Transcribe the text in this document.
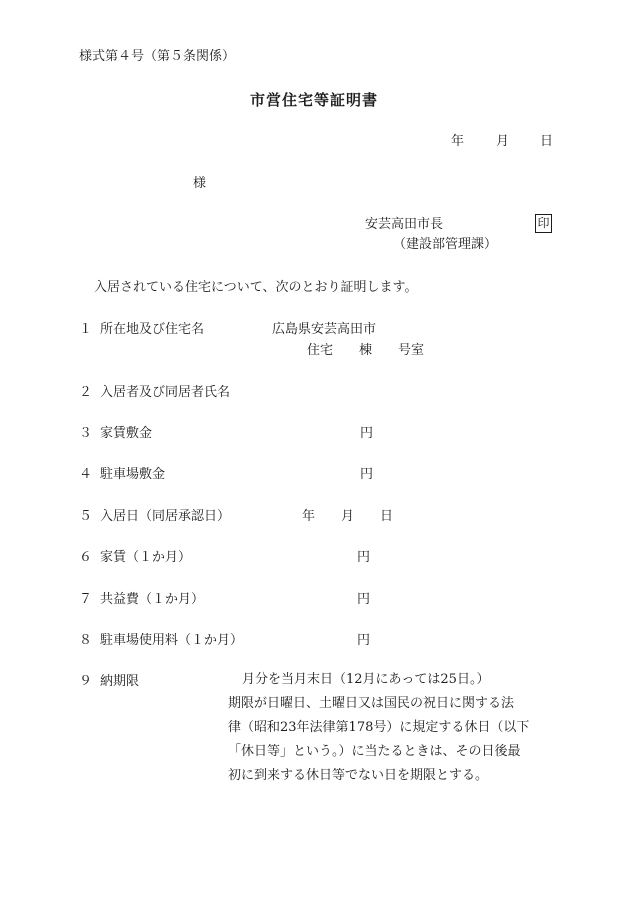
様式第４号（第５条関係）
市営住宅等証明書
年 月 日
様
安芸高田市長	印
（建設部管理課）
入居されている住宅について、次のとおり証明します。
１ 所在地及び住宅名	広島県安芸高田市
住宅　　棟　　号室
２ 入居者及び同居者氏名
３ 家賃敷金	円
４ 駐車場敷金	円
５ 入居日（同居承認日）	年　　月　　日
６ 家賃（１か月）	円
７ 共益費（１か月）	円
８ 駐車場使用料（１か月）	円
９ 納期限	月分を当月末日（12月にあっては25日。）
期限が日曜日、土曜日又は国民の祝日に関する法
律（昭和23年法律第178号）に規定する休日（以下
「休日等」という。）に当たるときは、その日後最
初に到来する休日等でない日を期限とする。
